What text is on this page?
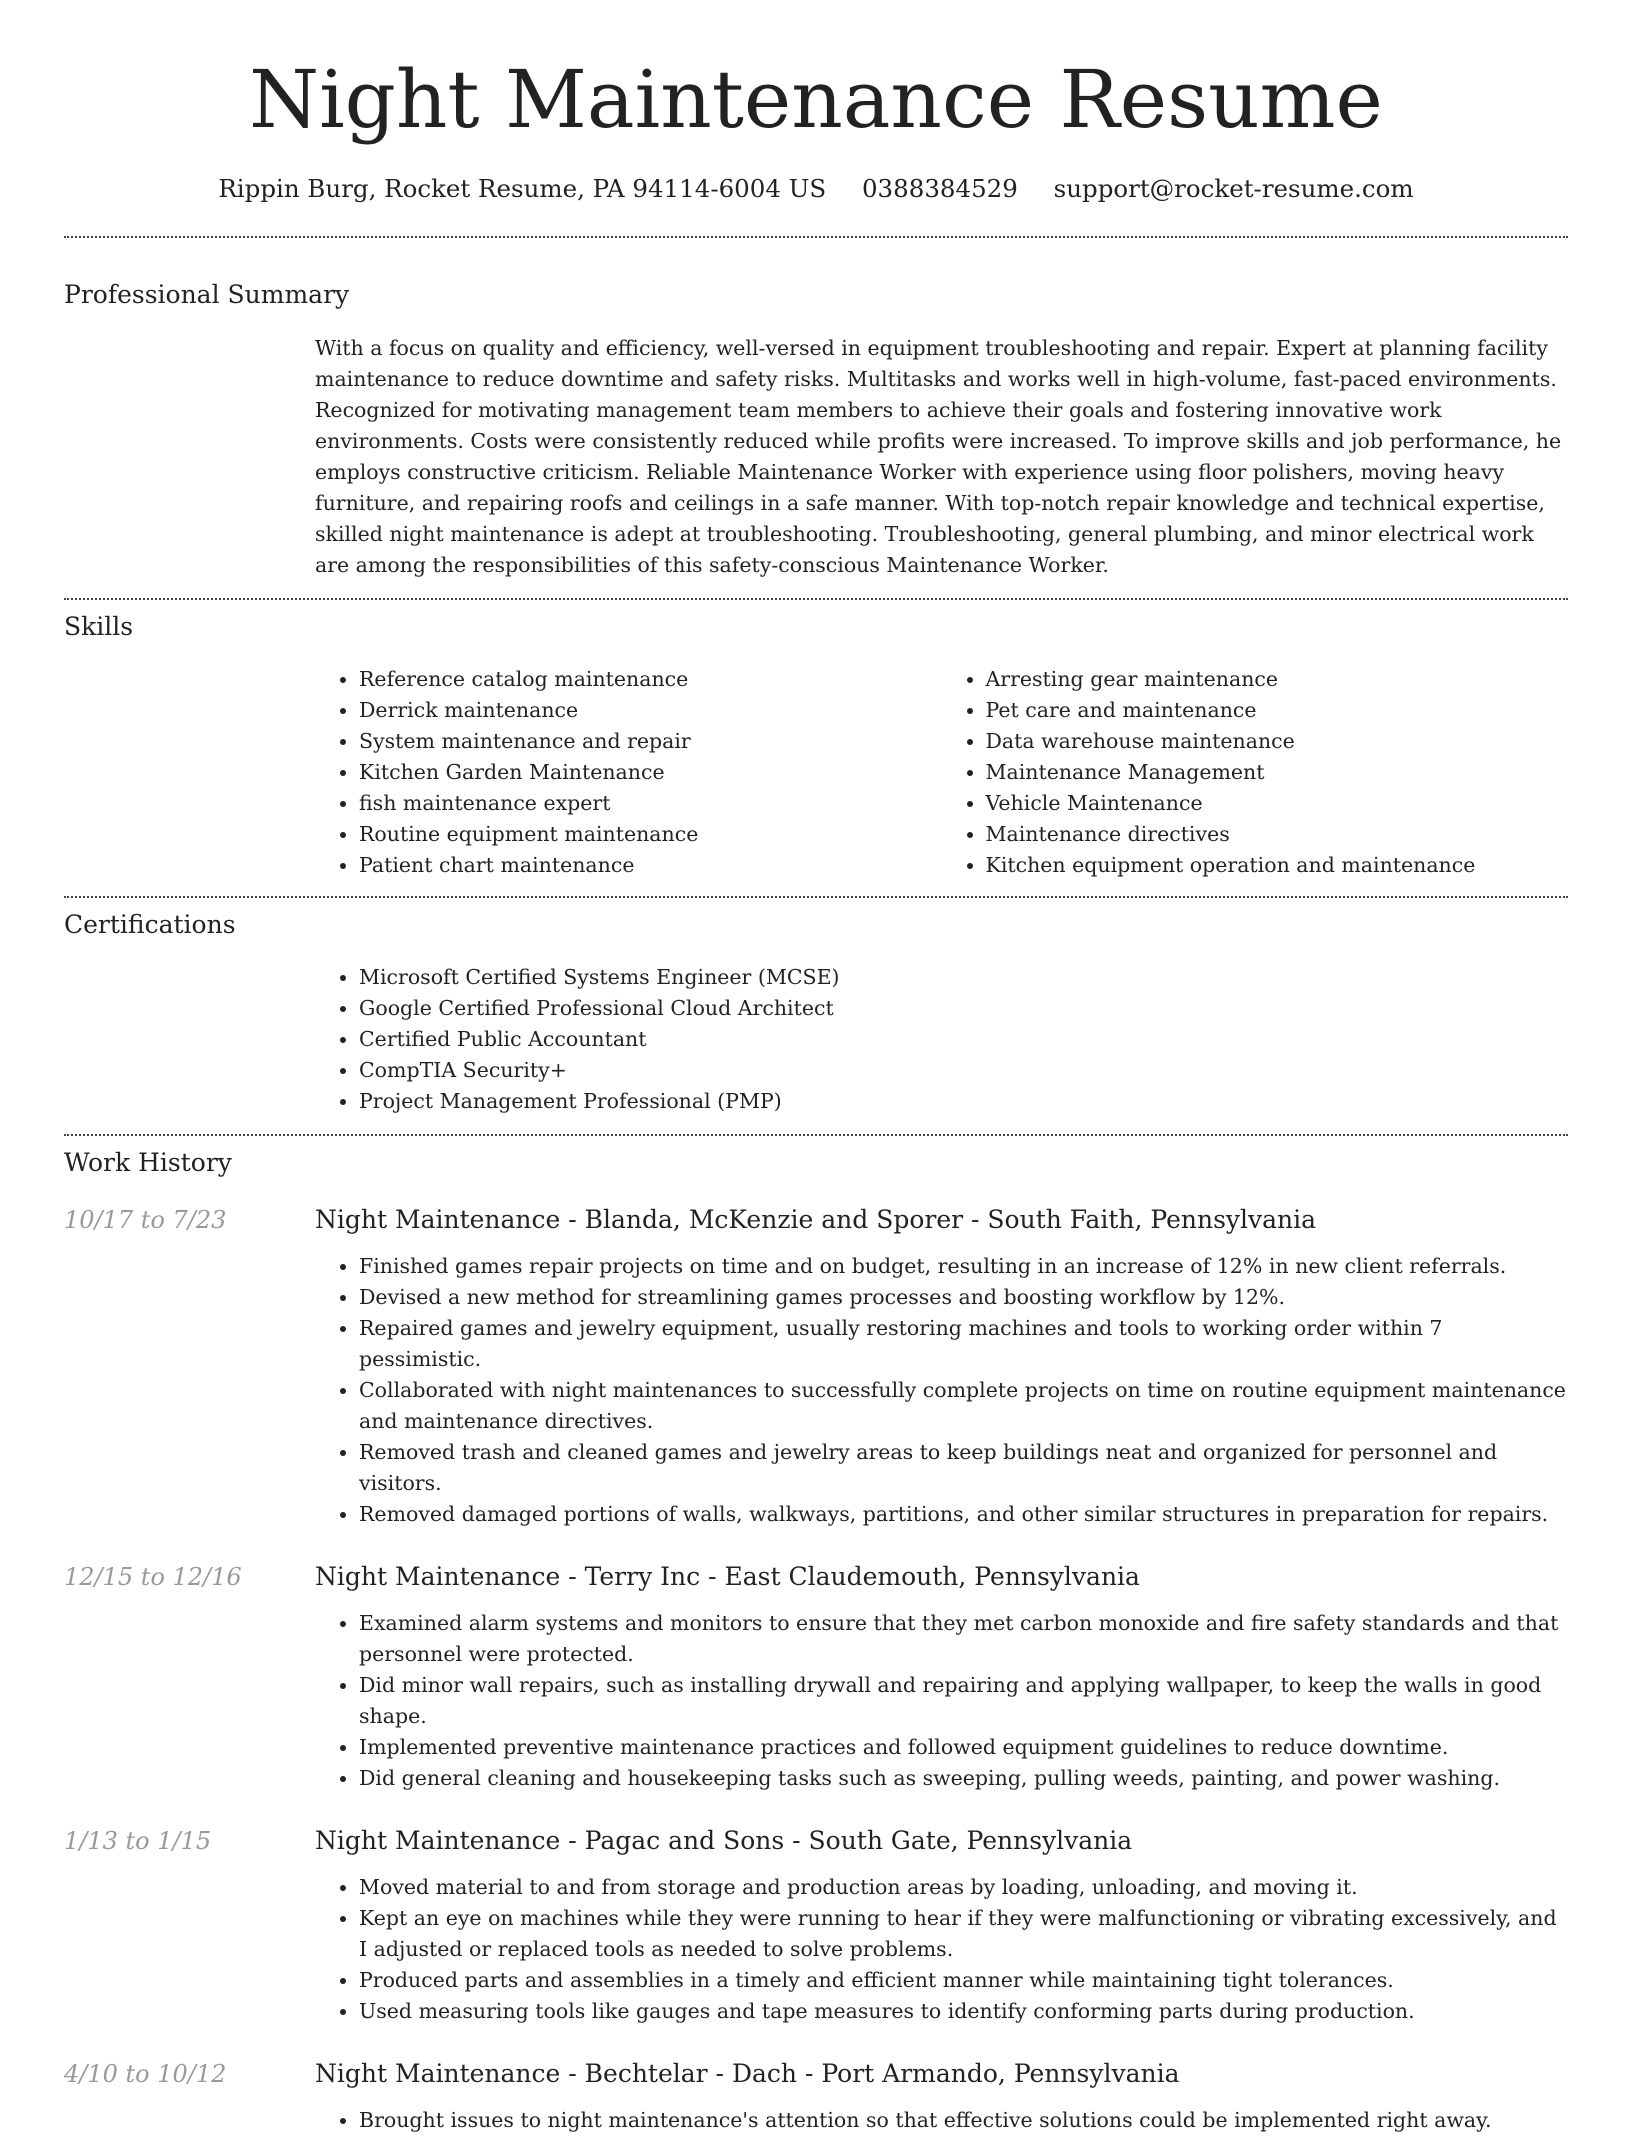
Night Maintenance Resume
Rippin Burg, Rocket Resume, PA 94114-6004 US 0388384529 support@rocket-resume.com
Professional Summary
With a focus on quality and efficiency, well-versed in equipment troubleshooting and repair. Expert at planning facility maintenance to reduce downtime and safety risks. Multitasks and works well in high-volume, fast-paced environments. Recognized for motivating management team members to achieve their goals and fostering innovative work environments. Costs were consistently reduced while profits were increased. To improve skills and job performance, he employs constructive criticism. Reliable Maintenance Worker with experience using floor polishers, moving heavy furniture, and repairing roofs and ceilings in a safe manner. With top-notch repair knowledge and technical expertise, skilled night maintenance is adept at troubleshooting. Troubleshooting, general plumbing, and minor electrical work are among the responsibilities of this safety-conscious Maintenance Worker.
Skills
• Reference catalog maintenance
• Derrick maintenance
• System maintenance and repair
• Kitchen Garden Maintenance
• fish maintenance expert
• Routine equipment maintenance
• Patient chart maintenance
• Arresting gear maintenance
• Pet care and maintenance
• Data warehouse maintenance
• Maintenance Management
• Vehicle Maintenance
• Maintenance directives
• Kitchen equipment operation and maintenance
Certifications
• Microsoft Certified Systems Engineer (MCSE)
• Google Certified Professional Cloud Architect
• Certified Public Accountant
• CompTIA Security+
• Project Management Professional (PMP)
Work History
10/17 to 7/23	Night Maintenance - Blanda, McKenzie and Sporer - South Faith, Pennsylvania
• Finished games repair projects on time and on budget, resulting in an increase of 12% in new client referrals.
• Devised a new method for streamlining games processes and boosting workflow by 12%.
• Repaired games and jewelry equipment, usually restoring machines and tools to working order within 7 pessimistic.
• Collaborated with night maintenances to successfully complete projects on time on routine equipment maintenance and maintenance directives.
• Removed trash and cleaned games and jewelry areas to keep buildings neat and organized for personnel and visitors.
• Removed damaged portions of walls, walkways, partitions, and other similar structures in preparation for repairs.
12/15 to 12/16	Night Maintenance - Terry Inc - East Claudemouth, Pennsylvania
• Examined alarm systems and monitors to ensure that they met carbon monoxide and fire safety standards and that personnel were protected.
• Did minor wall repairs, such as installing drywall and repairing and applying wallpaper, to keep the walls in good shape.
• Implemented preventive maintenance practices and followed equipment guidelines to reduce downtime.
• Did general cleaning and housekeeping tasks such as sweeping, pulling weeds, painting, and power washing.
1/13 to 1/15	Night Maintenance - Pagac and Sons - South Gate, Pennsylvania
• Moved material to and from storage and production areas by loading, unloading, and moving it.
• Kept an eye on machines while they were running to hear if they were malfunctioning or vibrating excessively, and I adjusted or replaced tools as needed to solve problems.
• Produced parts and assemblies in a timely and efficient manner while maintaining tight tolerances.
• Used measuring tools like gauges and tape measures to identify conforming parts during production.
4/10 to 10/12	Night Maintenance - Bechtelar - Dach - Port Armando, Pennsylvania
• Brought issues to night maintenance's attention so that effective solutions could be implemented right away.
